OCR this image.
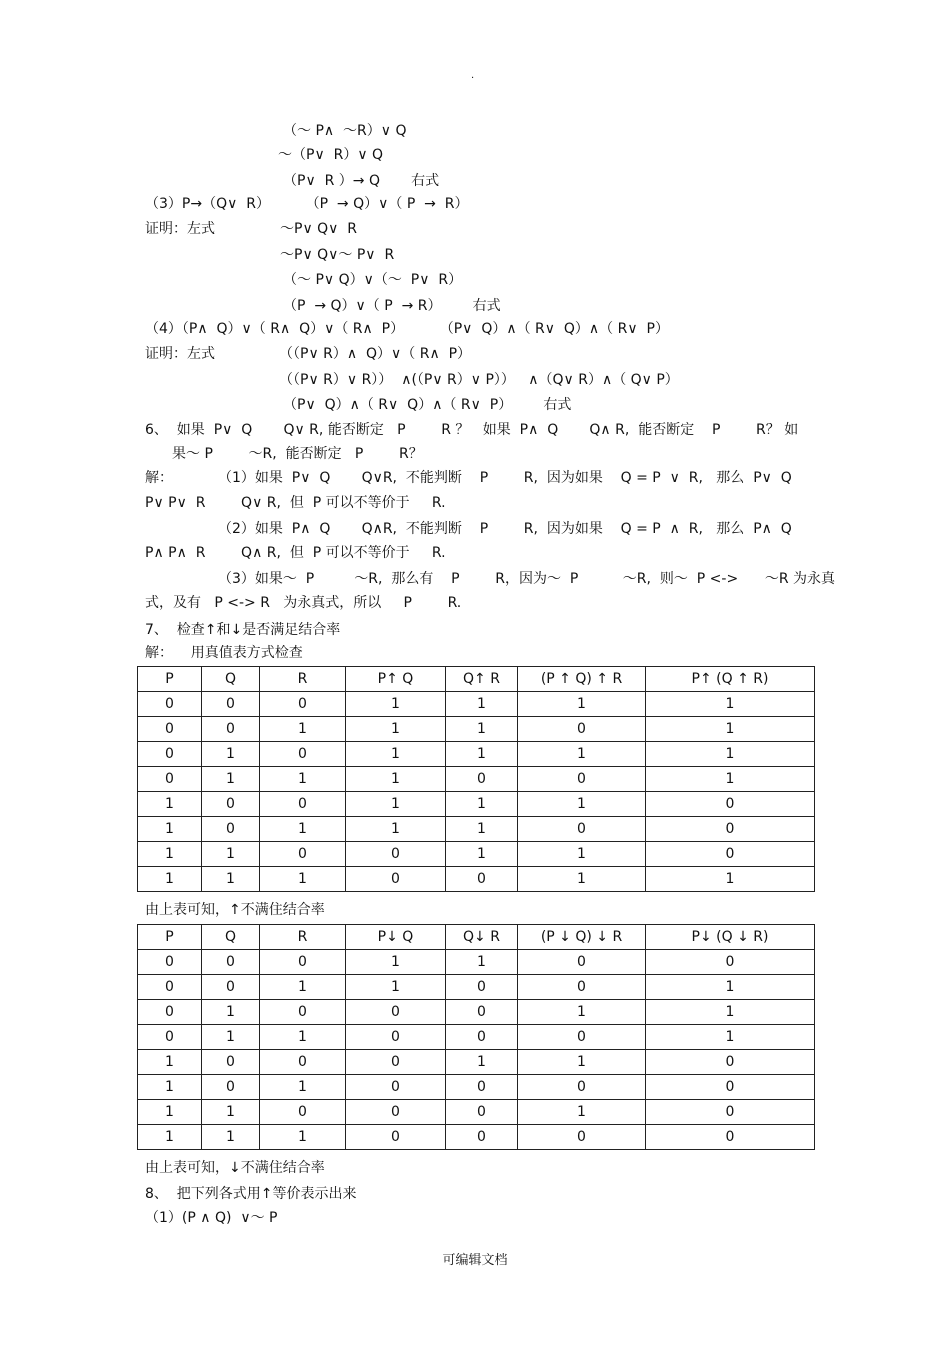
.
（～ P∧  ～R）∨ Q
～（P∨  R）∨ Q
（P∨  R ）→ Q       右式
（3）P→（Q∨  R）        （P  → Q）∨（ P  →  R）
证明：左式	～P∨ Q∨  R
～P∨ Q∨～ P∨  R
（～ P∨ Q）∨（～  P∨  R）
（P  → Q）∨（ P  → R）       右式
（4）（P∧  Q）∨（ R∧  Q）∨（ R∧  P）        （P∨  Q）∧（ R∨  Q）∧（ R∨  P）
证明：左式	（（P∨ R）∧  Q）∨（ R∧  P）
（（P∨ R）∨ R））  ∧(（P∨ R）∨ P））   ∧（Q∨ R）∧（ Q∨ P）
（P∨  Q）∧（ R∨  Q）∧（ R∨  P）       右式
6、  如果  P∨  Q       Q∨ R, 能否断定   P        R ？   如果  P∧  Q       Q∧ R,  能否断定    P        R？ 如
果～ P        ～R,  能否断定   P        R？
解：	（1）如果  P∨  Q       Q∨R,  不能判断    P        R,  因为如果    Q = P  ∨  R,   那么  P∨  Q
P∨ P∨  R        Q∨ R,  但  P 可以不等价于     R.
（2）如果  P∧  Q       Q∧R,  不能判断    P        R,  因为如果    Q = P  ∧  R,   那么  P∧  Q
P∧ P∧  R        Q∧ R,  但  P 可以不等价于     R.
（3）如果～  P         ～R,  那么有    P        R，因为～  P          ～R,  则～  P <->      ～R 为永真
式，及有   P <-> R   为永真式，所以     P        R.
7、  检查↑和↓是否满足结合率
解：    用真值表方式检查
P	Q	R	P↑ Q	Q↑ R	(P ↑ Q) ↑ R	P↑ (Q ↑ R)
0	0	0	1	1	1	1
0	0	1	1	1	0	1
0	1	0	1	1	1	1
0	1	1	1	0	0	1
1	0	0	1	1	1	0
1	0	1	1	1	0	0
1	1	0	0	1	1	0
1	1	1	0	0	1	1
由上表可知，↑不满住结合率
P	Q	R	P↓ Q	Q↓ R	(P ↓ Q) ↓ R	P↓ (Q ↓ R)
0	0	0	1	1	0	0
0	0	1	1	0	0	1
0	1	0	0	0	1	1
0	1	1	0	0	0	1
1	0	0	0	1	1	0
1	0	1	0	0	0	0
1	1	0	0	0	1	0
1	1	1	0	0	0	0
由上表可知，↓不满住结合率
8、  把下列各式用↑等价表示出来
（1）(P ∧ Q)  ∨～ P
可编辑文档
